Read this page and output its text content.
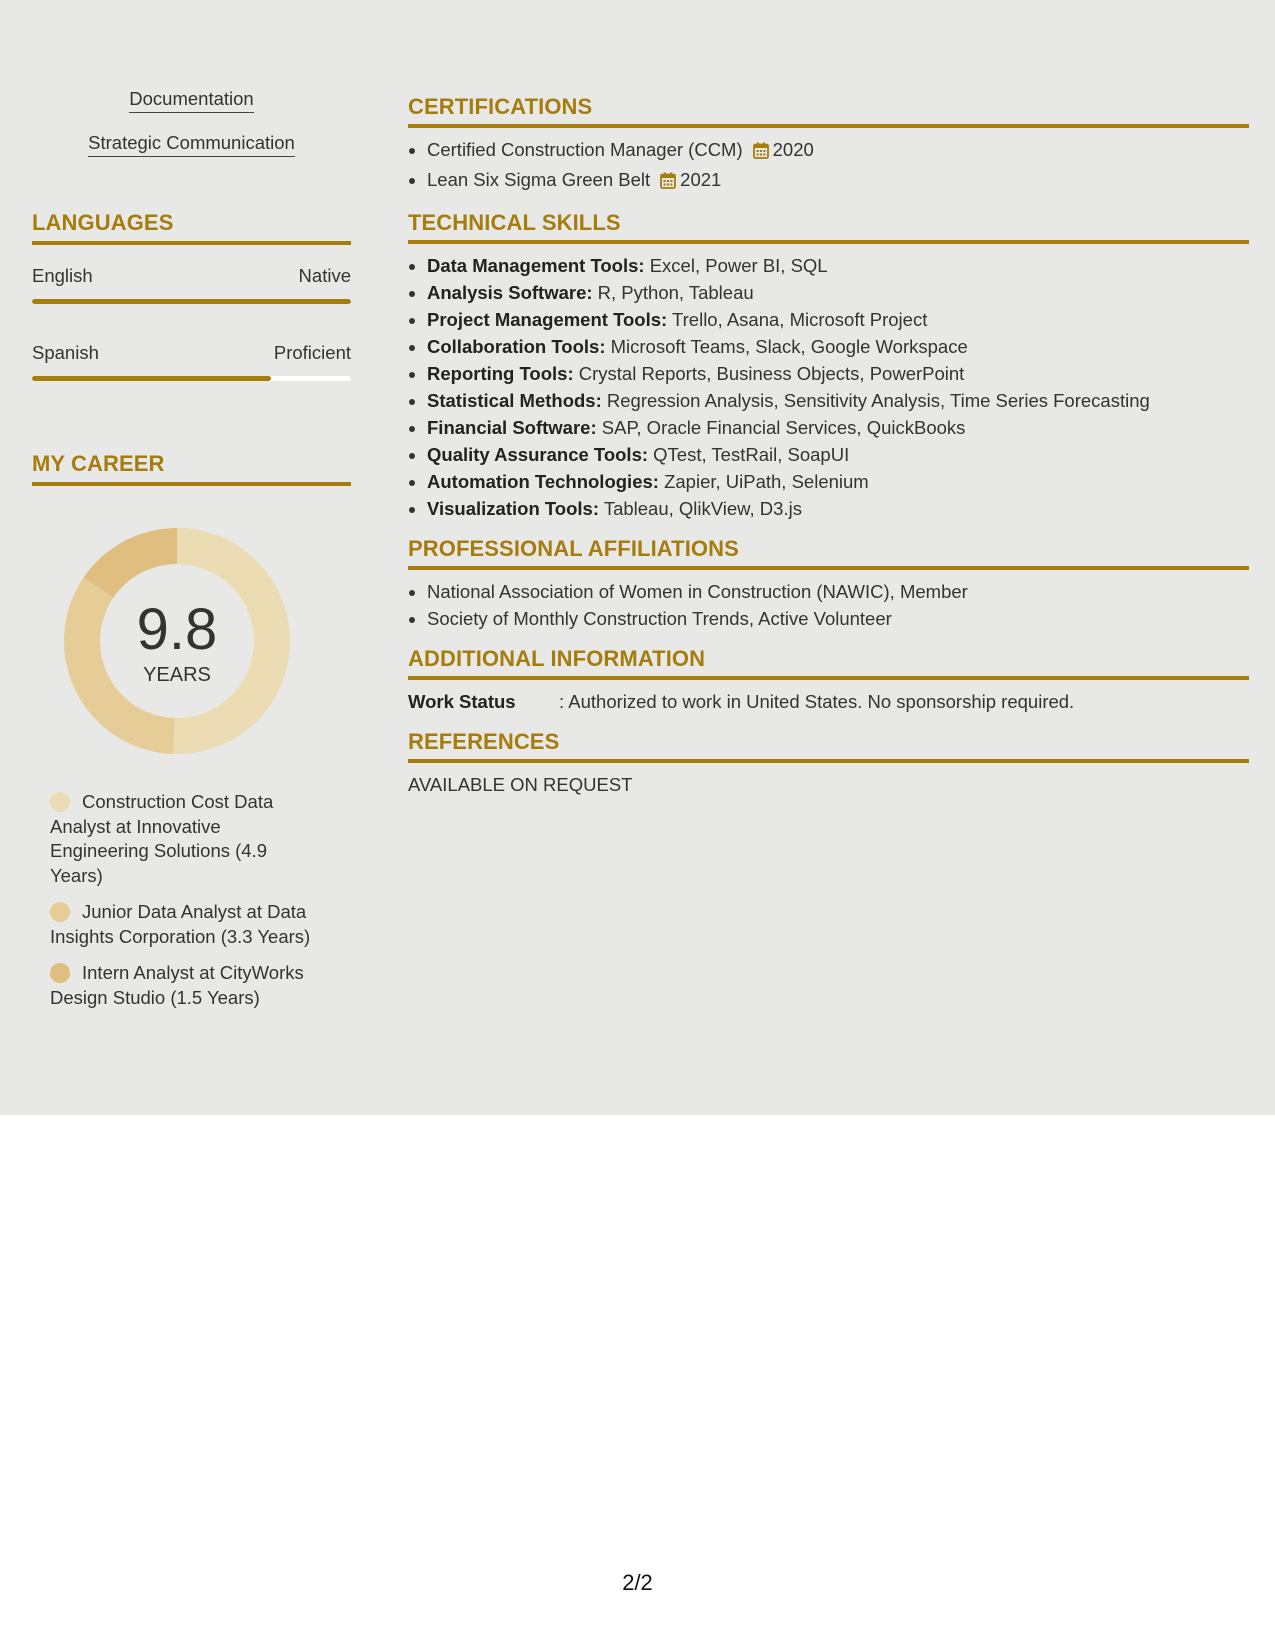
Documentation
Strategic Communication
LANGUAGES
English	Native
Spanish	Proficient
MY CAREER
9.8
YEARS
Construction Cost Data Analyst at Innovative Engineering Solutions (4.9 Years)
Junior Data Analyst at Data Insights Corporation (3.3 Years)
Intern Analyst at CityWorks Design Studio (1.5 Years)
CERTIFICATIONS
• Certified Construction Manager (CCM) 2020
• Lean Six Sigma Green Belt 2021
TECHNICAL SKILLS
• Data Management Tools: Excel, Power BI, SQL
• Analysis Software: R, Python, Tableau
• Project Management Tools: Trello, Asana, Microsoft Project
• Collaboration Tools: Microsoft Teams, Slack, Google Workspace
• Reporting Tools: Crystal Reports, Business Objects, PowerPoint
• Statistical Methods: Regression Analysis, Sensitivity Analysis, Time Series Forecasting
• Financial Software: SAP, Oracle Financial Services, QuickBooks
• Quality Assurance Tools: QTest, TestRail, SoapUI
• Automation Technologies: Zapier, UiPath, Selenium
• Visualization Tools: Tableau, QlikView, D3.js
PROFESSIONAL AFFILIATIONS
• National Association of Women in Construction (NAWIC), Member
• Society of Monthly Construction Trends, Active Volunteer
ADDITIONAL INFORMATION
Work Status	: Authorized to work in United States. No sponsorship required.
REFERENCES
AVAILABLE ON REQUEST
2/2
